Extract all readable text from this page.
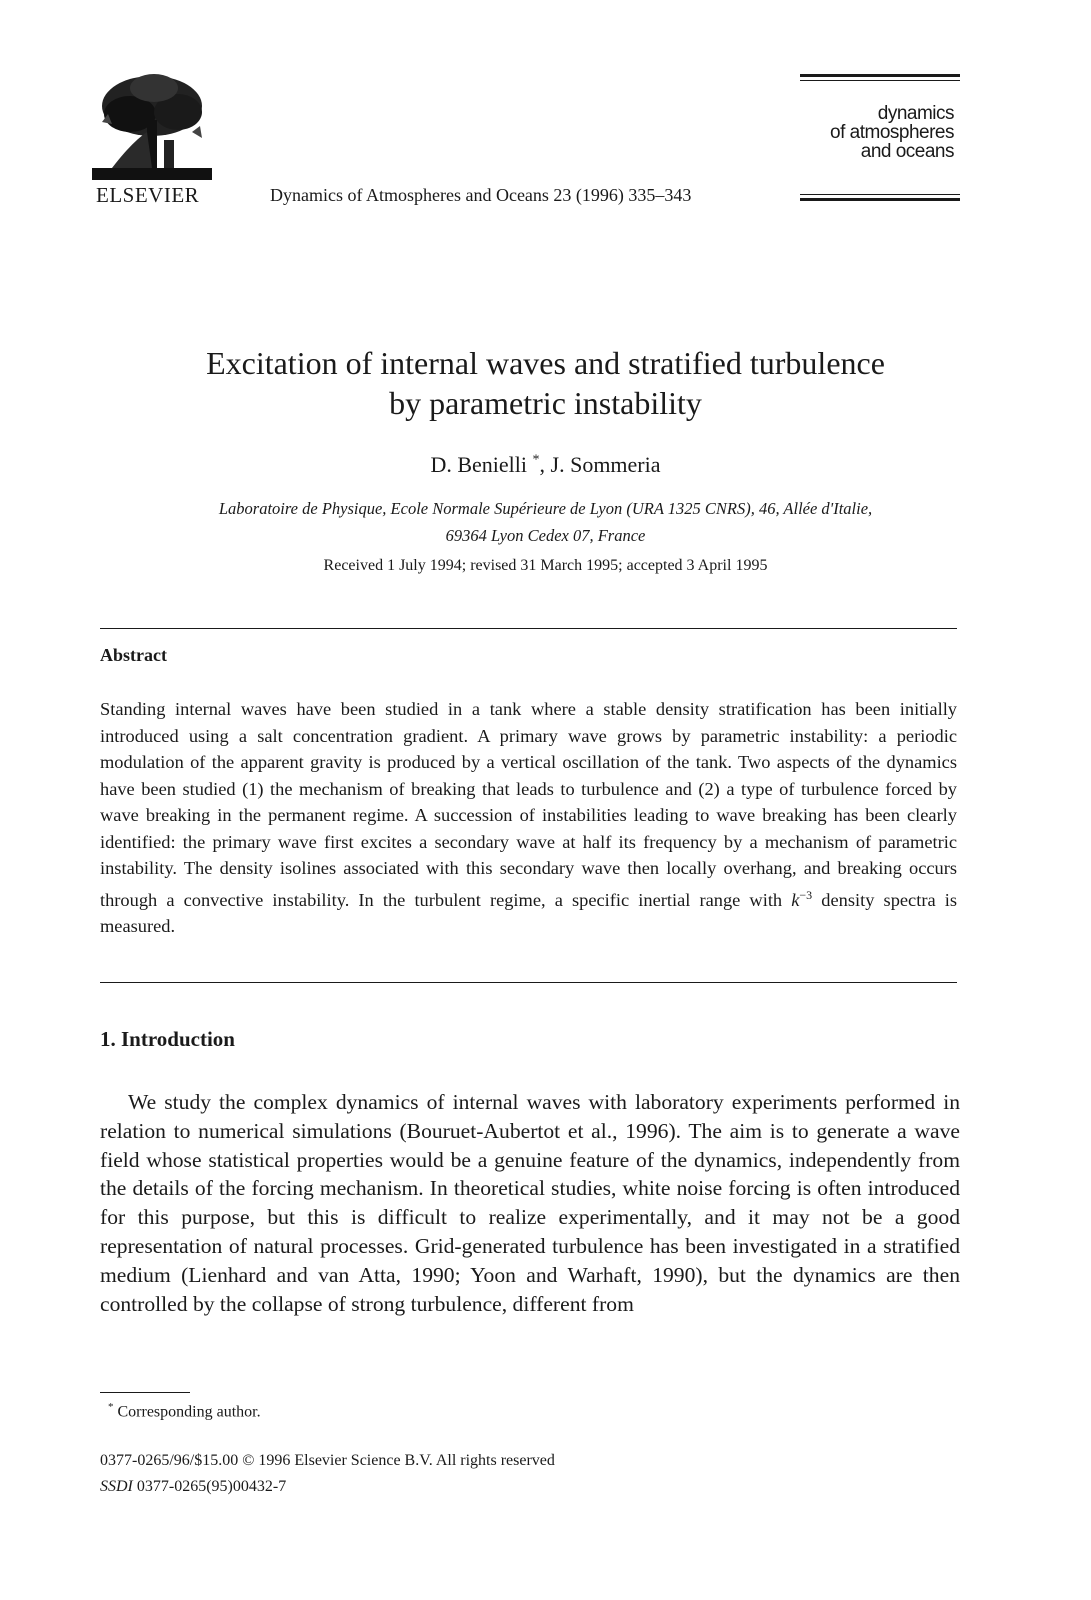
ELSEVIER	Dynamics of Atmospheres and Oceans 23 (1996) 335–343
dynamics
of atmospheres
and oceans
Excitation of internal waves and stratified turbulence
by parametric instability
D. Benielli *, J. Sommeria
Laboratoire de Physique, Ecole Normale Supérieure de Lyon (URA 1325 CNRS), 46, Allée d'Italie,
69364 Lyon Cedex 07, France
Received 1 July 1994; revised 31 March 1995; accepted 3 April 1995
Abstract
Standing internal waves have been studied in a tank where a stable density stratification has been initially introduced using a salt concentration gradient. A primary wave grows by parametric instability: a periodic modulation of the apparent gravity is produced by a vertical oscillation of the tank. Two aspects of the dynamics have been studied (1) the mechanism of breaking that leads to turbulence and (2) a type of turbulence forced by wave breaking in the permanent regime. A succession of instabilities leading to wave breaking has been clearly identified: the primary wave first excites a secondary wave at half its frequency by a mechanism of parametric instability. The density isolines associated with this secondary wave then locally overhang, and breaking occurs through a convective instability. In the turbulent regime, a specific inertial range with $k^{-3}$ density spectra is measured.
1. Introduction
We study the complex dynamics of internal waves with laboratory experiments performed in relation to numerical simulations (Bouruet-Aubertot et al., 1996). The aim is to generate a wave field whose statistical properties would be a genuine feature of the dynamics, independently from the details of the forcing mechanism. In theoretical studies, white noise forcing is often introduced for this purpose, but this is difficult to realize experimentally, and it may not be a good representation of natural processes. Grid-generated turbulence has been investigated in a stratified medium (Lienhard and van Atta, 1990; Yoon and Warhaft, 1990), but the dynamics are then controlled by the collapse of strong turbulence, different from
* Corresponding author.
0377-0265/96/$15.00 © 1996 Elsevier Science B.V. All rights reserved
SSDI 0377-0265(95)00432-7
